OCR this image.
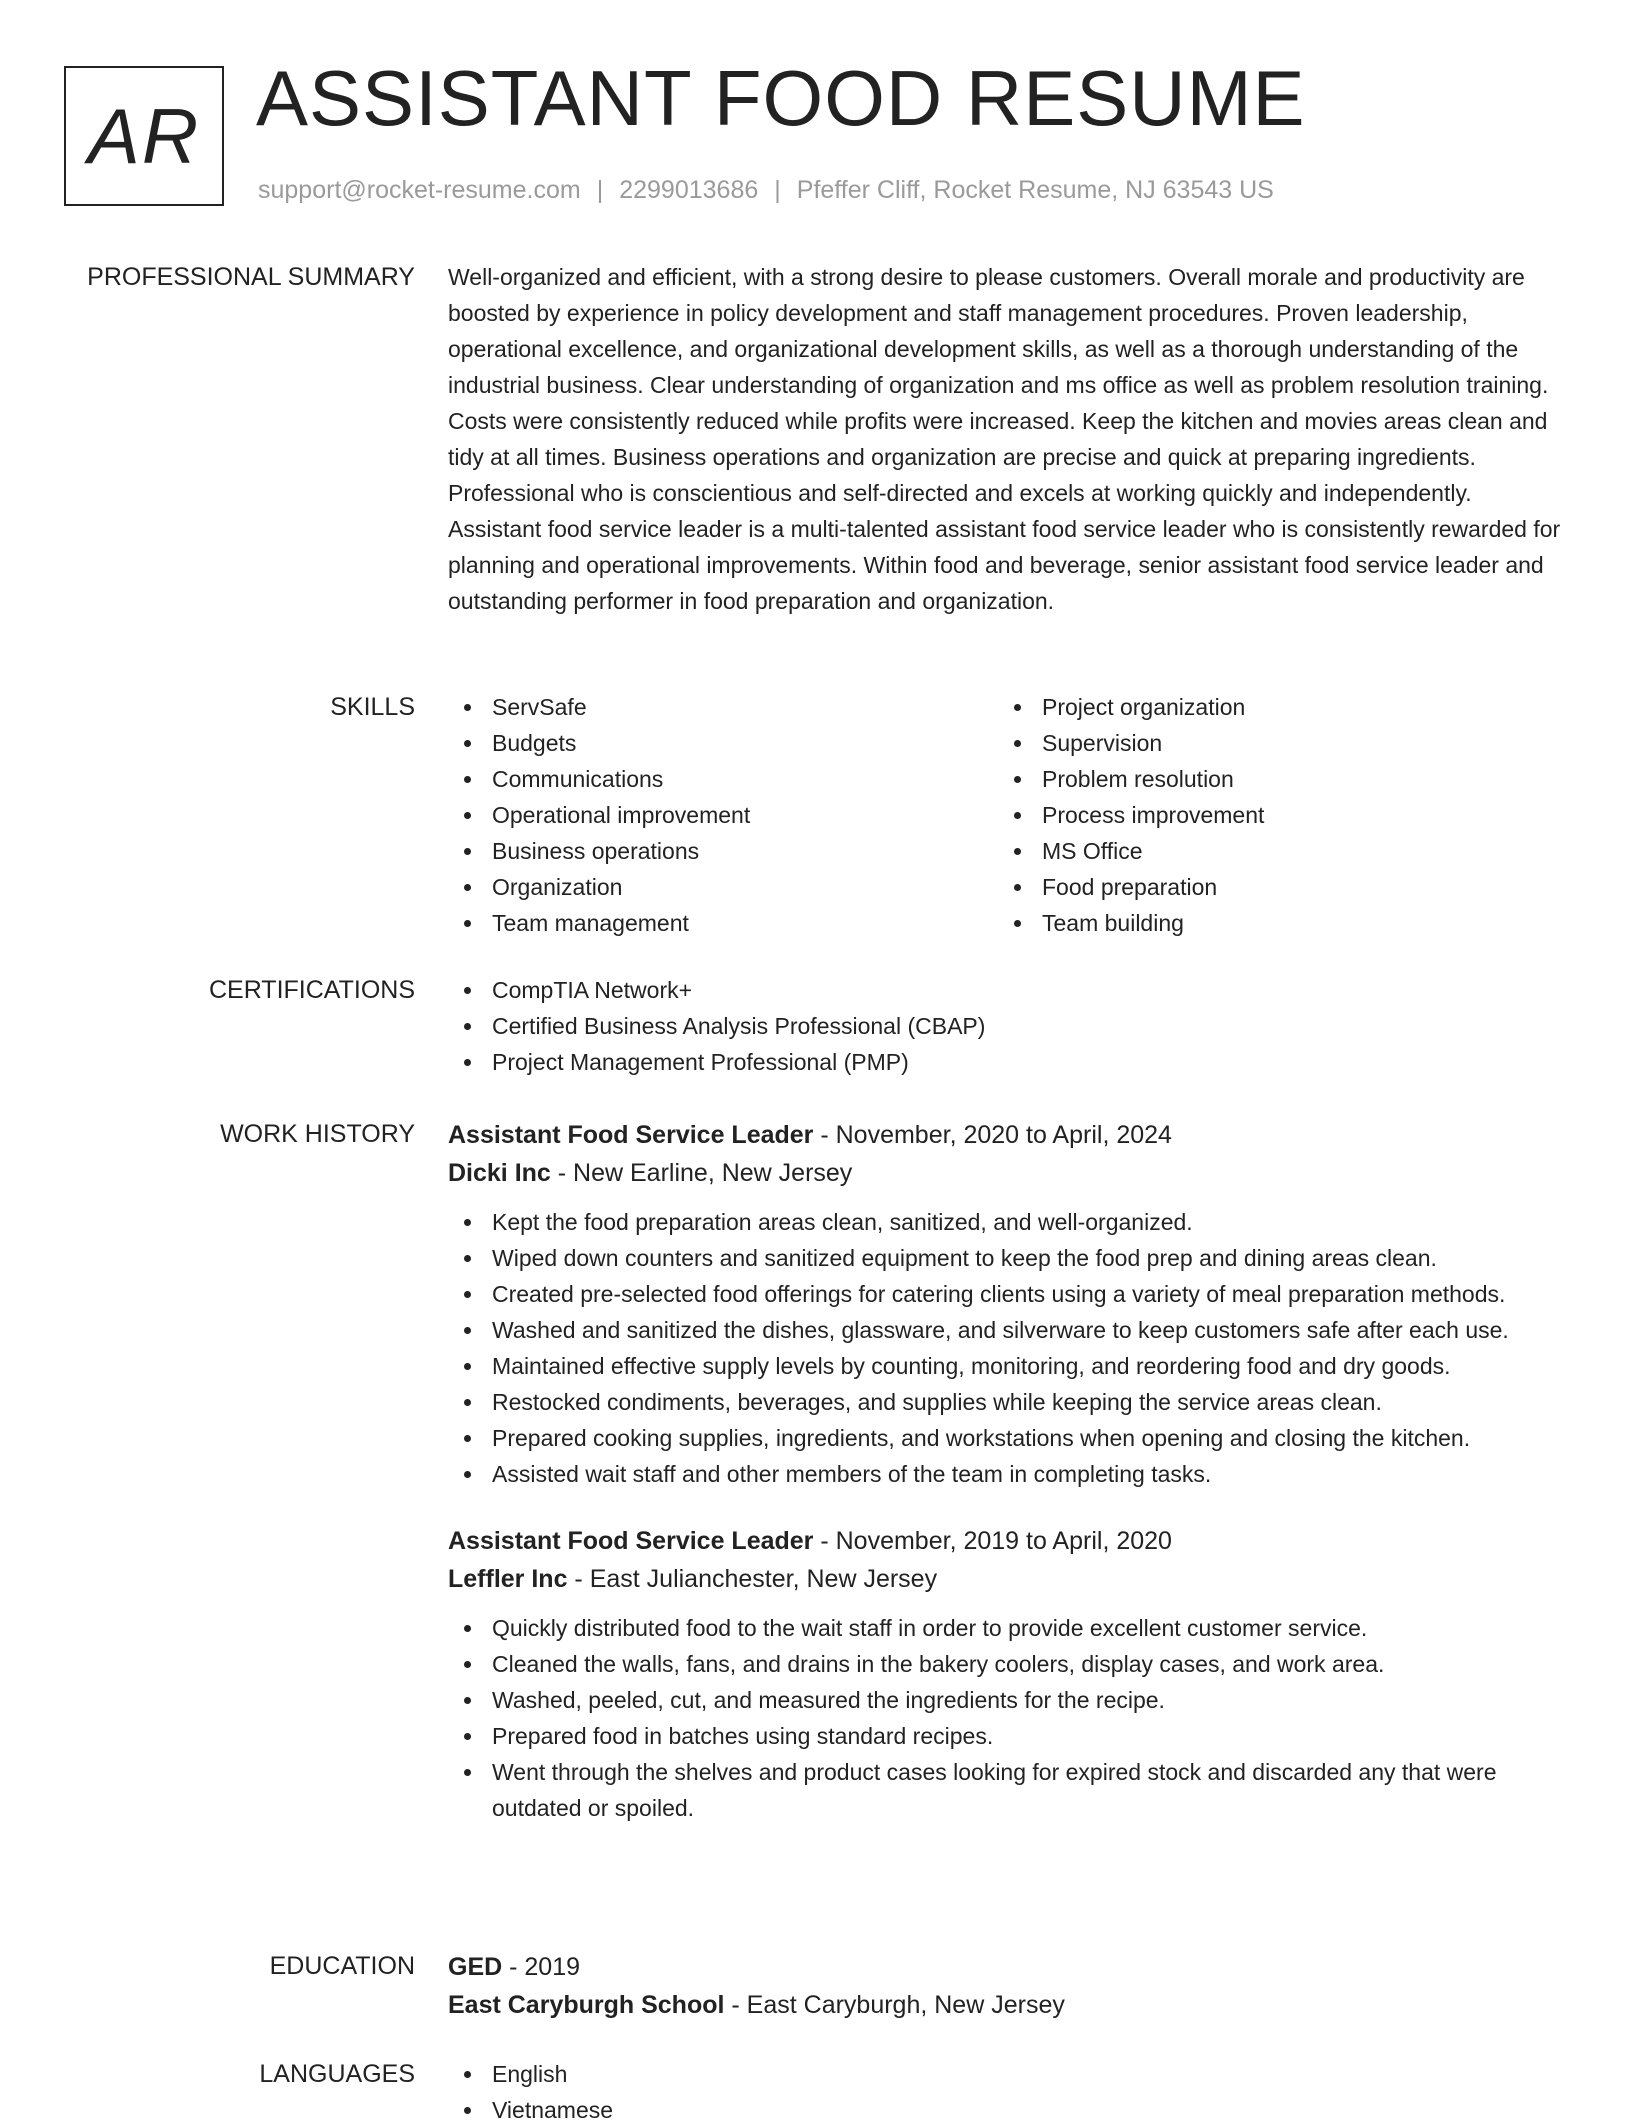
AR ASSISTANT FOOD RESUME
support@rocket-resume.com | 2299013686 | Pfeffer Cliff, Rocket Resume, NJ 63543 US
PROFESSIONAL SUMMARY Well-organized and efficient, with a strong desire to please customers. Overall morale and productivity are boosted by experience in policy development and staff management procedures. Proven leadership, operational excellence, and organizational development skills, as well as a thorough understanding of the industrial business. Clear understanding of organization and ms office as well as problem resolution training. Costs were consistently reduced while profits were increased. Keep the kitchen and movies areas clean and tidy at all times. Business operations and organization are precise and quick at preparing ingredients. Professional who is conscientious and self-directed and excels at working quickly and independently. Assistant food service leader is a multi-talented assistant food service leader who is consistently rewarded for planning and operational improvements. Within food and beverage, senior assistant food service leader and outstanding performer in food preparation and organization.

SKILLS	ServSafe
Budgets
Communications
Operational improvement
Business operations
Organization
Team management
Project organization
Supervision
Problem resolution
Process improvement
MS Office
Food preparation
Team building
CERTIFICATIONS	CompTIA Network+
Certified Business Analysis Professional (CBAP)
Project Management Professional (PMP)
WORK HISTORY Assistant Food Service Leader - November, 2020 to April, 2024
Dicki Inc - New Earline, New Jersey
Kept the food preparation areas clean, sanitized, and well-organized.
Wiped down counters and sanitized equipment to keep the food prep and dining areas clean.
Created pre-selected food offerings for catering clients using a variety of meal preparation methods.
Washed and sanitized the dishes, glassware, and silverware to keep customers safe after each use.
Maintained effective supply levels by counting, monitoring, and reordering food and dry goods.
Restocked condiments, beverages, and supplies while keeping the service areas clean.
Prepared cooking supplies, ingredients, and workstations when opening and closing the kitchen.
Assisted wait staff and other members of the team in completing tasks.
Assistant Food Service Leader - November, 2019 to April, 2020
Leffler Inc - East Julianchester, New Jersey
Quickly distributed food to the wait staff in order to provide excellent customer service.
Cleaned the walls, fans, and drains in the bakery coolers, display cases, and work area.
Washed, peeled, cut, and measured the ingredients for the recipe.
Prepared food in batches using standard recipes.
Went through the shelves and product cases looking for expired stock and discarded any that were outdated or spoiled.
EDUCATION GED - 2019
East Caryburgh School - East Caryburgh, New Jersey
LANGUAGES	English
Vietnamese
